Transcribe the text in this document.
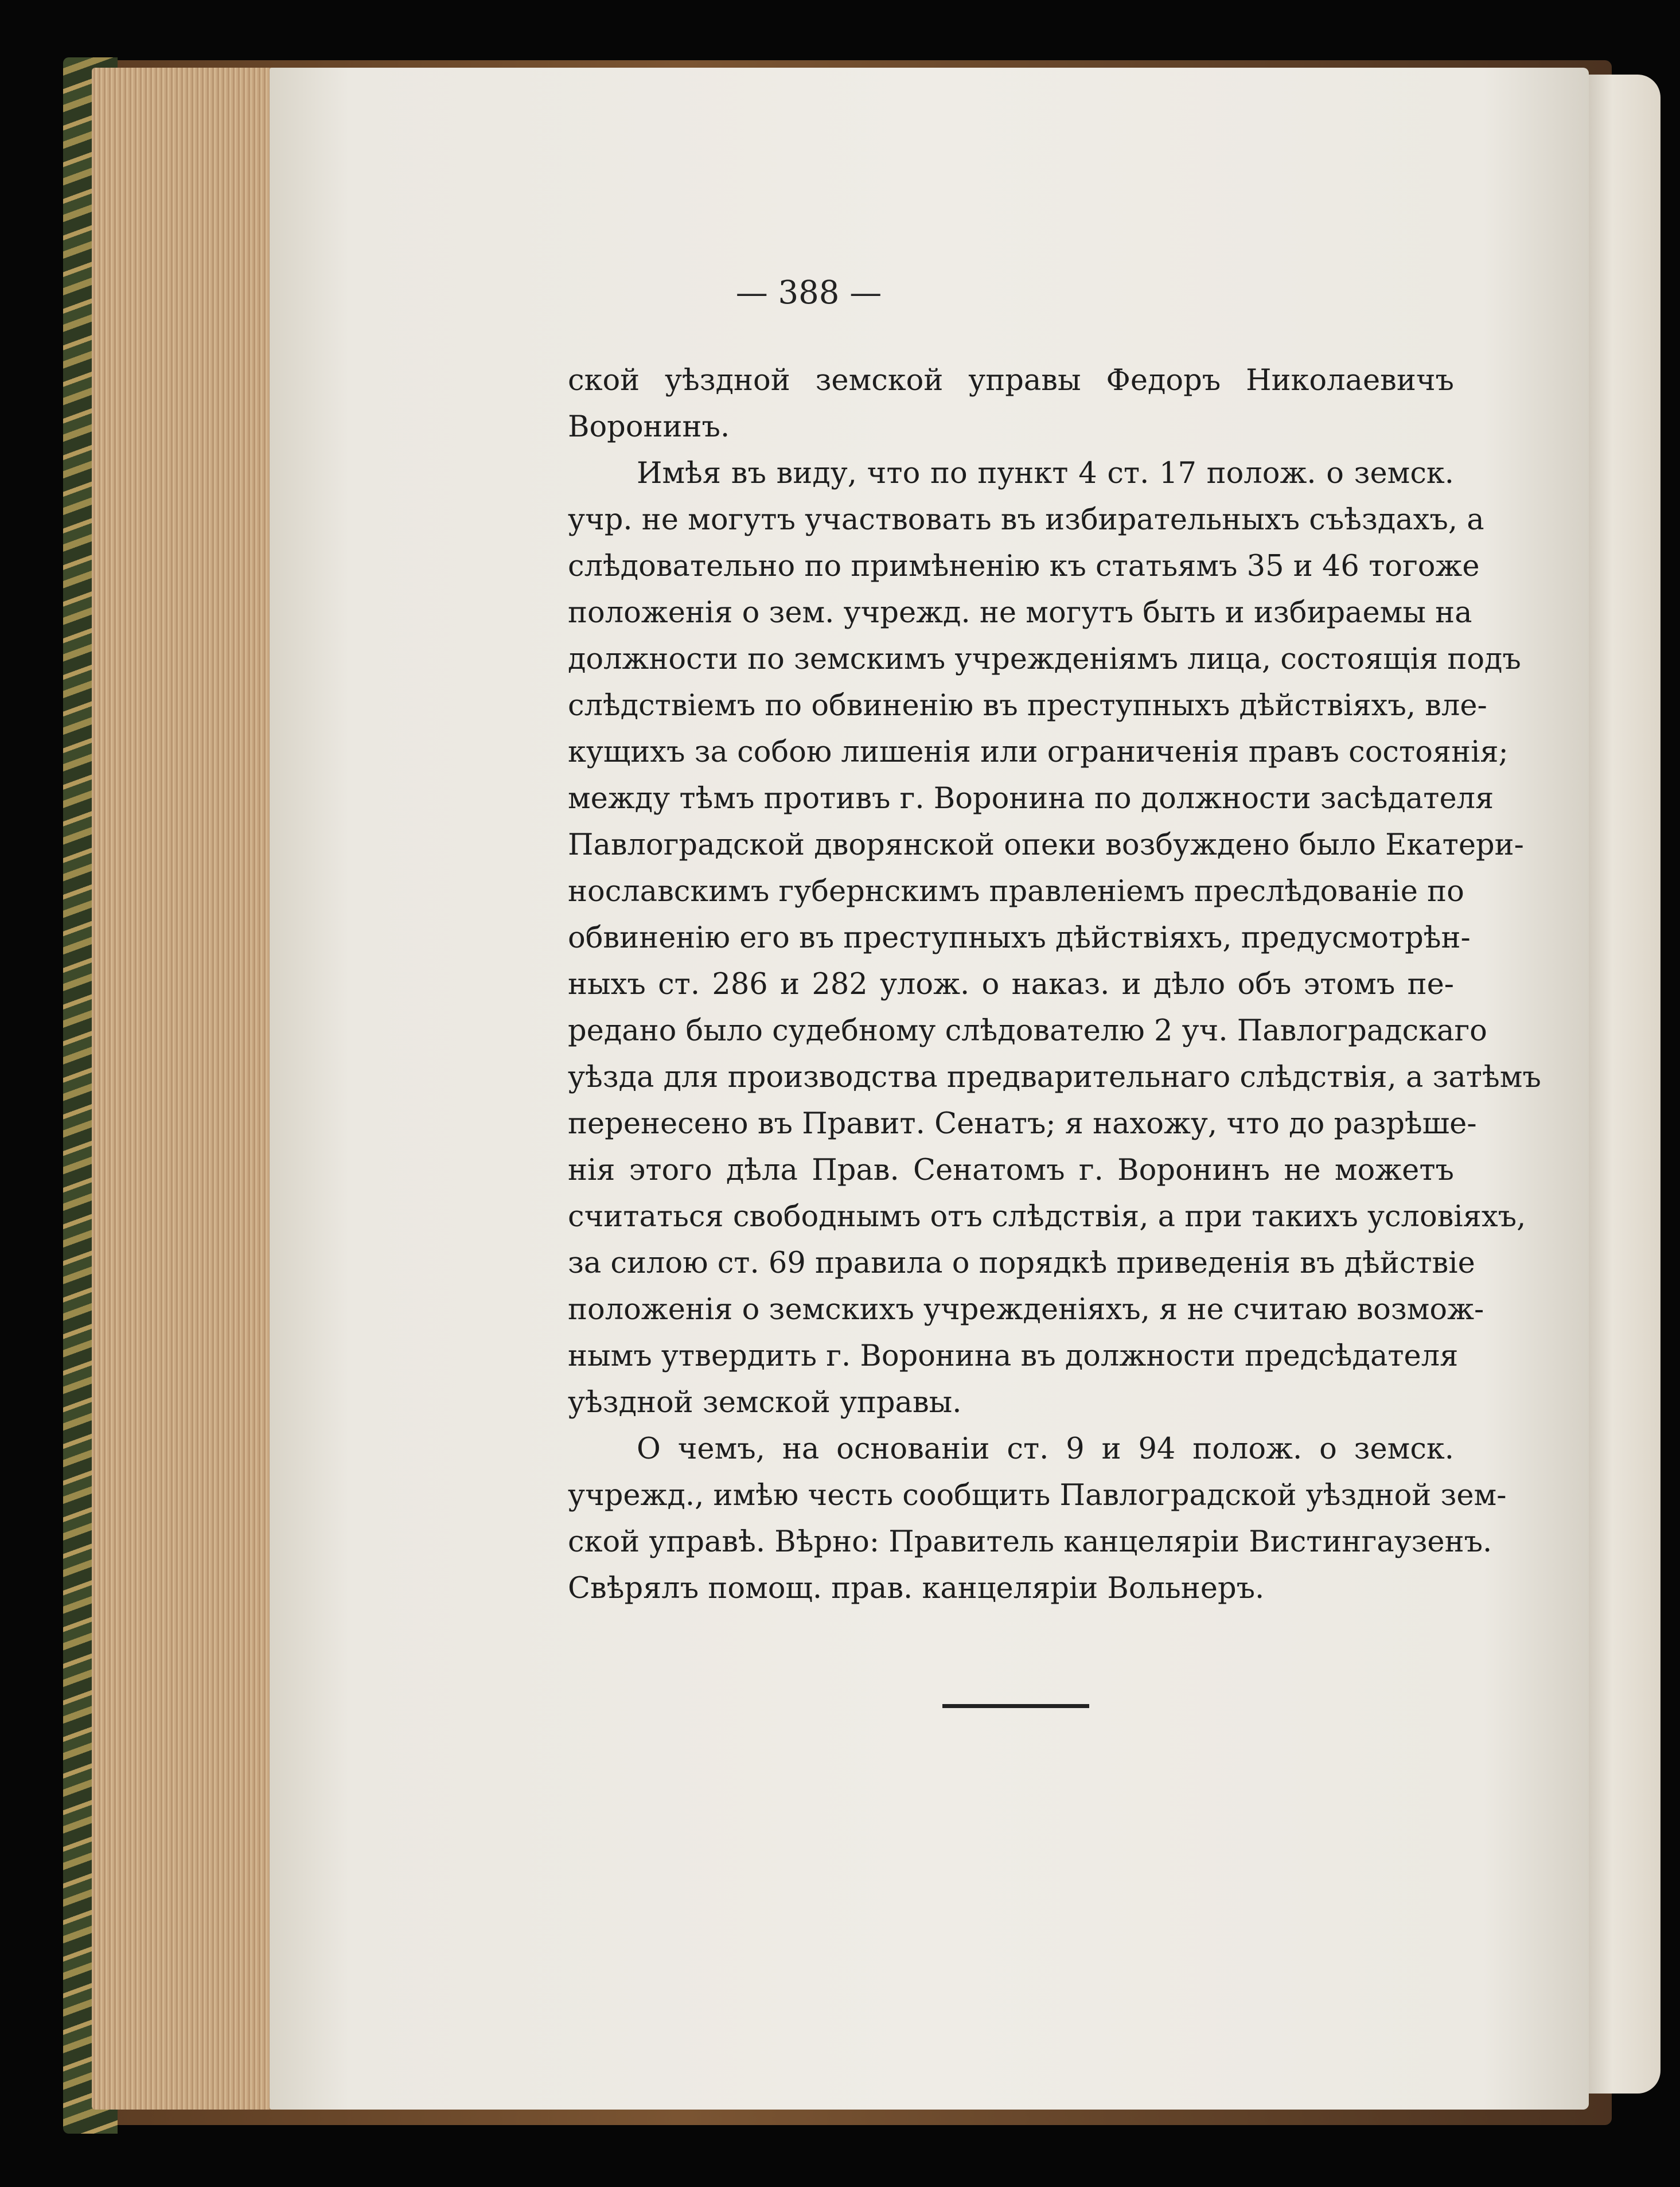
— 388 —
ской уѣздной земской управы Федоръ Николаевичъ
Воронинъ.
Имѣя въ виду, что по пункт 4 ст. 17 полож. о земск.
учр. не могутъ участвовать въ избирательныхъ съѣздахъ, а
слѣдовательно по примѣненію къ статьямъ 35 и 46 тогоже
положенія о зем. учрежд. не могутъ быть и избираемы на
должности по земскимъ учрежденіямъ лица, состоящія подъ
слѣдствіемъ по обвиненію въ преступныхъ дѣйствіяхъ, вле-
кущихъ за собою лишенія или ограниченія правъ состоянія;
между тѣмъ противъ г. Воронина по должности засѣдателя
Павлоградской дворянской опеки возбуждено было Екатери-
нославскимъ губернскимъ правленіемъ преслѣдованіе по
обвиненію его въ преступныхъ дѣйствіяхъ, предусмотрѣн-
ныхъ ст. 286 и 282 улож. о наказ. и дѣло объ этомъ пе-
редано было судебному слѣдователю 2 уч. Павлоградскаго
уѣзда для производства предварительнаго слѣдствія, а затѣмъ
перенесено въ Правит. Сенатъ; я нахожу, что до разрѣше-
нія этого дѣла Прав. Сенатомъ г. Воронинъ не можетъ
считаться свободнымъ отъ слѣдствія, а при такихъ условіяхъ,
за силою ст. 69 правила о порядкѣ приведенія въ дѣйствіе
положенія о земскихъ учрежденіяхъ, я не считаю возмож-
нымъ утвердить г. Воронина въ должности предсѣдателя
уѣздной земской управы.
О чемъ, на основаніи ст. 9 и 94 полож. о земск.
учрежд., имѣю честь сообщить Павлоградской уѣздной зем-
ской управѣ. Вѣрно: Правитель канцеляріи Вистингаузенъ.
Свѣрялъ помощ. прав. канцеляріи Вольнеръ.
